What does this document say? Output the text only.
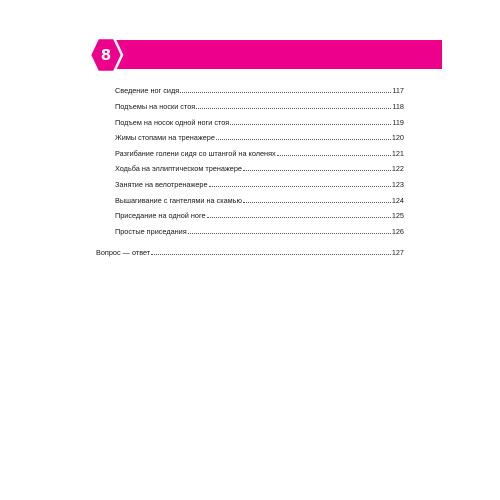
8
Сведение ног сидя	117
Подъемы на носки стоя	118
Подъем на носок одной ноги стоя	119
Жимы стопами на тренажере	120
Разгибание голени сидя со штангой на коленях	121
Ходьба на эллиптическом тренажере	122
Занятие на велотренажере	123
Вышагивание с гантелями на скамью	124
Приседание на одной ноге	125
Простые приседания	126
Вопрос — ответ	127
